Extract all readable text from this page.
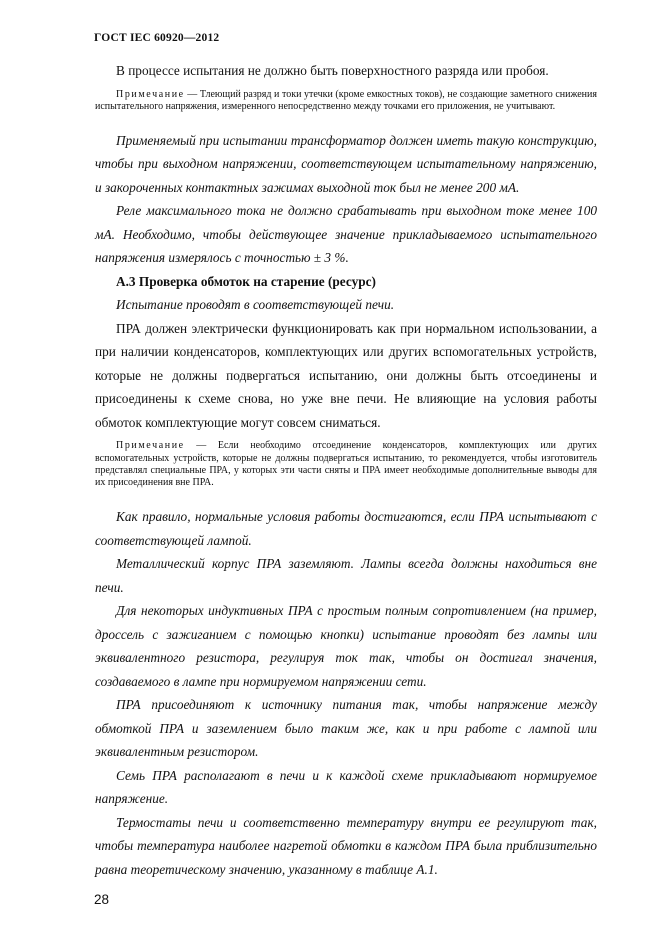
ГОСТ IEC 60920—2012

В процессе испытания не должно быть поверхностного разряда или пробоя.

Примечание — Тлеющий разряд и токи утечки (кроме емкостных токов), не создающие заметного снижения испытательного напряжения, измеренного непосредственно между точками его приложения, не учитывают.

Применяемый при испытании трансформатор должен иметь такую конструкцию, чтобы при выходном напряжении, соответствующем испытательному напряжению, и закороченных контактных зажимах выходной ток был не менее 200 мА.

Реле максимального тока не должно срабатывать при выходном токе менее 100 мА. Необходимо, чтобы действующее значение прикладываемого испытательного напряжения измерялось с точностью ± 3 %.

А.3 Проверка обмоток на старение (ресурс)

Испытание проводят в соответствующей печи.

ПРА должен электрически функционировать как при нормальном использовании, а при наличии конденсаторов, комплектующих или других вспомогательных устройств, которые не должны подвергаться испытанию, они должны быть отсоединены и присоединены к схеме снова, но уже вне печи. Не влияющие на условия работы обмоток комплектующие могут совсем сниматься.

Примечание — Если необходимо отсоединение конденсаторов, комплектующих или других вспомогательных устройств, которые не должны подвергаться испытанию, то рекомендуется, чтобы изготовитель представлял специальные ПРА, у которых эти части сняты и ПРА имеет необходимые дополнительные выводы для их присоединения вне ПРА.

Как правило, нормальные условия работы достигаются, если ПРА испытывают с соответствующей лампой.

Металлический корпус ПРА заземляют. Лампы всегда должны находиться вне печи.

Для некоторых индуктивных ПРА с простым полным сопротивлением (на пример, дроссель с зажиганием с помощью кнопки) испытание проводят без лампы или эквивалентного резистора, регулируя ток так, чтобы он достигал значения, создаваемого в лампе при нормируемом напряжении сети.

ПРА присоединяют к источнику питания так, чтобы напряжение между обмоткой ПРА и заземлением было таким же, как и при работе с лампой или эквивалентным резистором.

Семь ПРА располагают в печи и к каждой схеме прикладывают нормируемое напряжение.

Термостаты печи и соответственно температуру внутри ее регулируют так, чтобы температура наиболее нагретой обмотки в каждом ПРА была приблизительно равна теоретическому значению, указанному в таблице А.1.

28
